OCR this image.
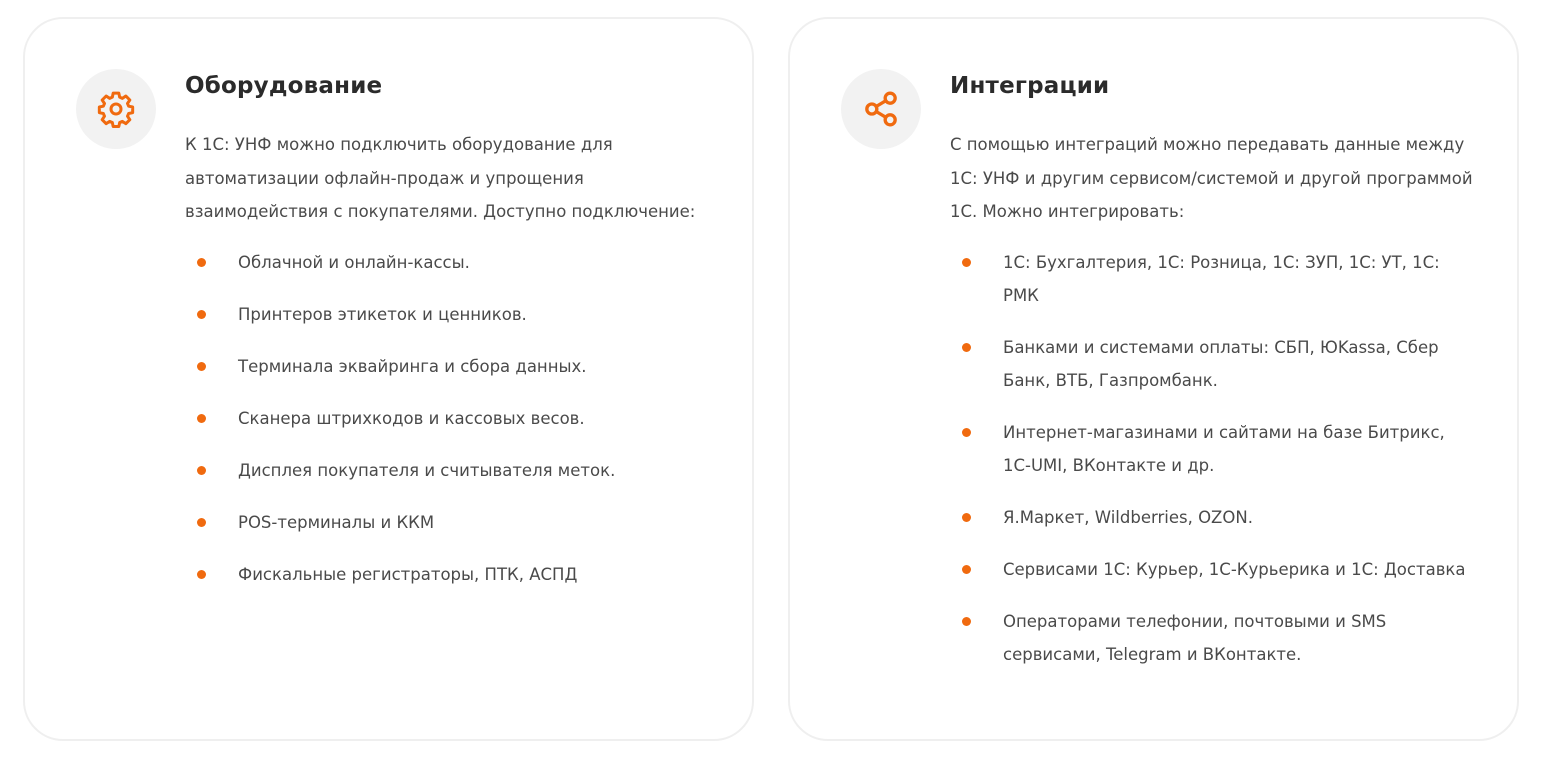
Оборудование

К 1С: УНФ можно подключить оборудование для автоматизации офлайн-продаж и упрощения взаимодействия с покупателями. Доступно подключение:

Облачной и онлайн-кассы.
Принтеров этикеток и ценников.
Терминала эквайринга и сбора данных.
Сканера штрихкодов и кассовых весов.
Дисплея покупателя и считывателя меток.
POS-терминалы и ККМ
Фискальные регистраторы, ПТК, АСПД
Интеграции

С помощью интеграций можно передавать данные между 1С: УНФ и другим сервисом/системой и другой программой 1С. Можно интегрировать:

1С: Бухгалтерия, 1С: Розница, 1С: ЗУП, 1С: УТ, 1С: РМК
Банками и системами оплаты: СБП, ЮKassa, Сбер Банк, ВТБ, Газпромбанк.
Интернет-магазинами и сайтами на базе Битрикс, 1С-UMI, ВКонтакте и др.
Я.Маркет, Wildberries, OZON.
Сервисами 1С: Курьер, 1С-Курьерика и 1С: Доставка
Операторами телефонии, почтовыми и SMS сервисами, Telegram и ВКонтакте.
